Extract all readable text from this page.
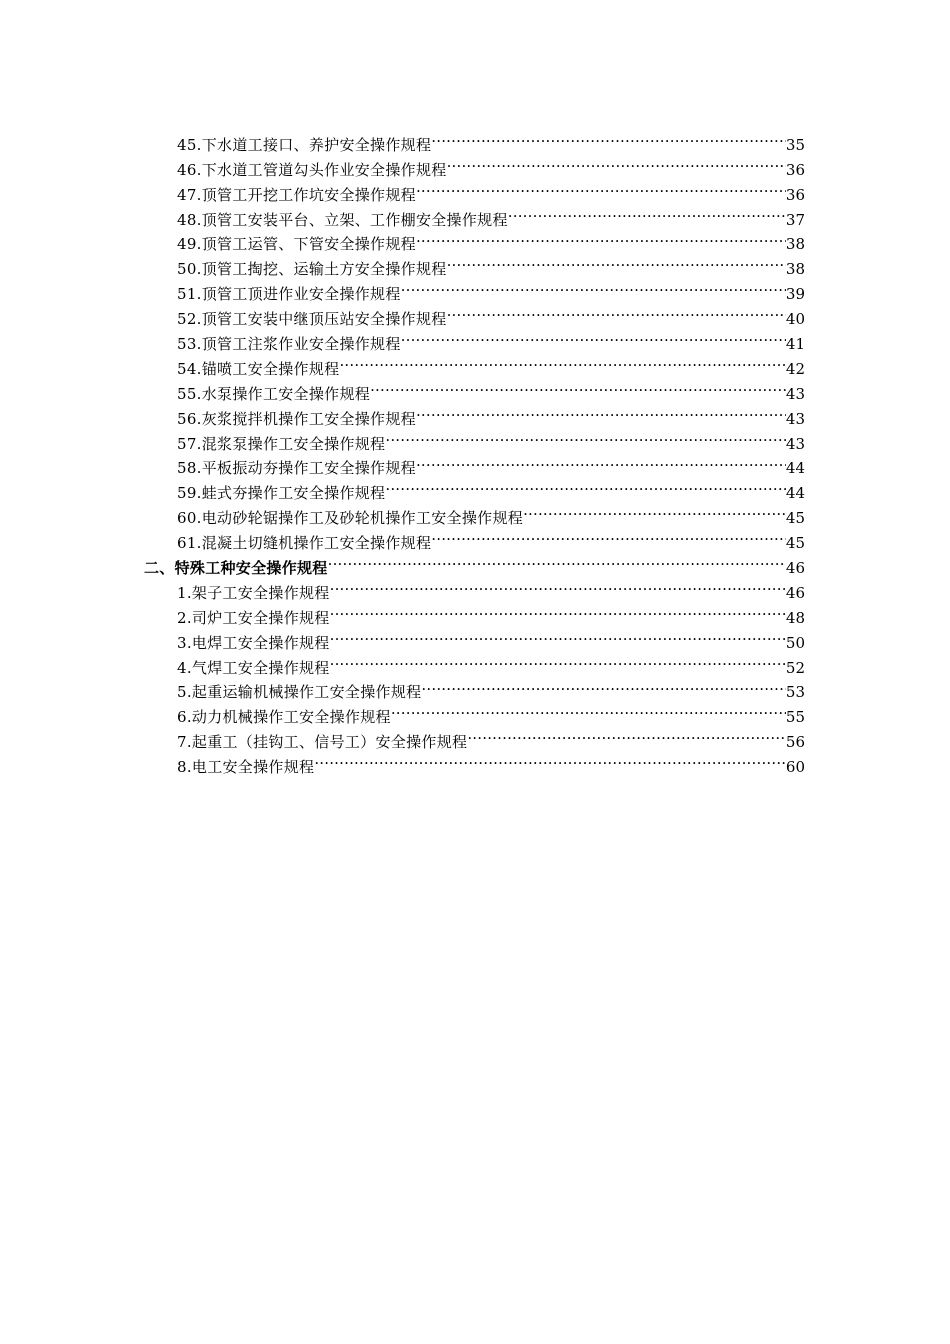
45.下水道工接口、养护安全操作规程 .....	35
46.下水道工管道勾头作业安全操作规程 .....	36
47.顶管工开挖工作坑安全操作规程 .....	36
48.顶管工安装平台、立架、工作棚安全操作规程 .....	37
49.顶管工运管、下管安全操作规程 .....	38
50.顶管工掏挖、运输土方安全操作规程 .....	38
51.顶管工顶进作业安全操作规程 .....	39
52.顶管工安装中继顶压站安全操作规程 .....	40
53.顶管工注浆作业安全操作规程 .....	41
54.锚喷工安全操作规程 .....	42
55.水泵操作工安全操作规程 .....	43
56.灰浆搅拌机操作工安全操作规程 .....	43
57.混浆泵操作工安全操作规程 .....	43
58.平板振动夯操作工安全操作规程 .....	44
59.蛙式夯操作工安全操作规程 .....	44
60.电动砂轮锯操作工及砂轮机操作工安全操作规程 .....	45
61.混凝土切缝机操作工安全操作规程 .....	45
二、特殊工种安全操作规程 .....	46
1.架子工安全操作规程 .....	46
2.司炉工安全操作规程 .....	48
3.电焊工安全操作规程 .....	50
4.气焊工安全操作规程 .....	52
5.起重运输机械操作工安全操作规程 .....	53
6.动力机械操作工安全操作规程 .....	55
7.起重工（挂钩工、信号工）安全操作规程 .....	56
8.电工安全操作规程 .....	60
